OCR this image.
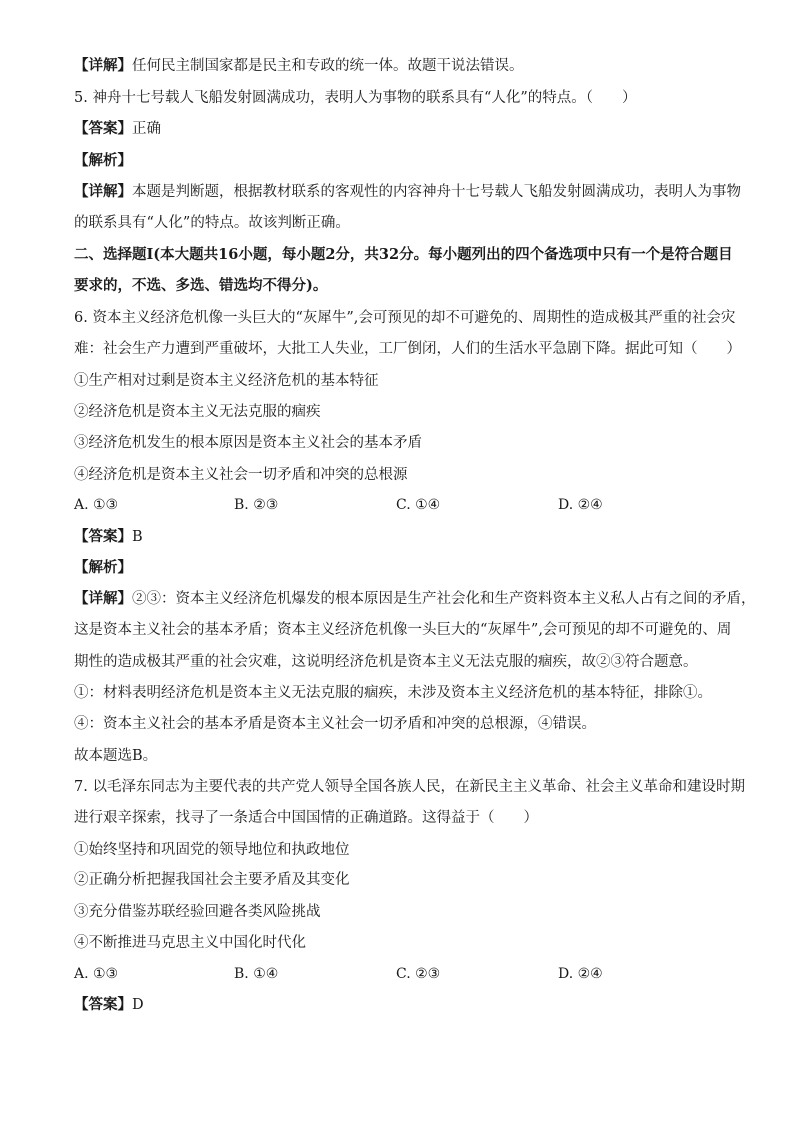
【详解】任何民主制国家都是民主和专政的统一体。故题干说法错误。
5. 神舟十七号载人飞船发射圆满成功，表明人为事物的联系具有“人化”的特点。（　　）
【答案】正确
【解析】
【详解】本题是判断题，根据教材联系的客观性的内容神舟十七号载人飞船发射圆满成功，表明人为事物
的联系具有“人化”的特点。故该判断正确。
二、选择题Ⅰ(本大题共16小题，每小题2分，共32分。每小题列出的四个备选项中只有一个是符合题目
要求的，不选、多选、错选均不得分)。
6. 资本主义经济危机像一头巨大的“灰犀牛”,会可预见的却不可避免的、周期性的造成极其严重的社会灾
难：社会生产力遭到严重破坏，大批工人失业，工厂倒闭，人们的生活水平急剧下降。据此可知（　　）
①生产相对过剩是资本主义经济危机的基本特征
②经济危机是资本主义无法克服的痼疾
③经济危机发生的根本原因是资本主义社会的基本矛盾
④经济危机是资本主义社会一切矛盾和冲突的总根源
A. ①③	B. ②③	C. ①④	D. ②④
【答案】B
【解析】
【详解】②③：资本主义经济危机爆发的根本原因是生产社会化和生产资料资本主义私人占有之间的矛盾，
这是资本主义社会的基本矛盾；资本主义经济危机像一头巨大的“灰犀牛”,会可预见的却不可避免的、周
期性的造成极其严重的社会灾难，这说明经济危机是资本主义无法克服的痼疾，故②③符合题意。
①：材料表明经济危机是资本主义无法克服的痼疾，未涉及资本主义经济危机的基本特征，排除①。
④：资本主义社会的基本矛盾是资本主义社会一切矛盾和冲突的总根源，④错误。
故本题选B。
7. 以毛泽东同志为主要代表的共产党人领导全国各族人民，在新民主主义革命、社会主义革命和建设时期
进行艰辛探索，找寻了一条适合中国国情的正确道路。这得益于（　　）
①始终坚持和巩固党的领导地位和执政地位
②正确分析把握我国社会主要矛盾及其变化
③充分借鉴苏联经验回避各类风险挑战
④不断推进马克思主义中国化时代化
A. ①③	B. ①④	C. ②③	D. ②④
【答案】D
